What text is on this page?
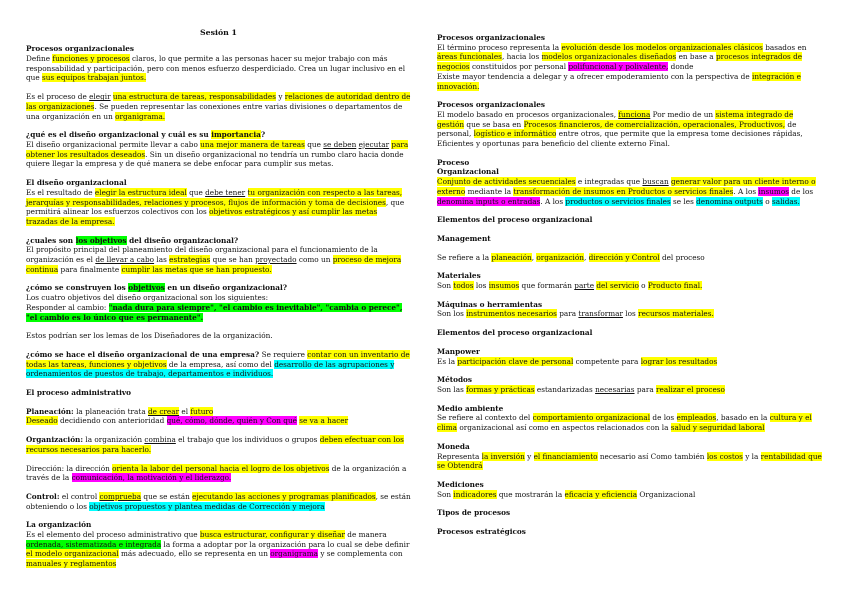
Sesión 1
Procesos organizacionales

Define funciones y procesos claros, lo que permite a las personas hacer su mejor trabajo con más responsabilidad y participación, pero con menos esfuerzo desperdiciado. Crea un lugar inclusivo en el que sus equipos trabajan juntos.

Es el proceso de elegir una estructura de tareas, responsabilidades y relaciones de autoridad dentro de las organizaciones. Se pueden representar las conexiones entre varias divisiones o departamentos de una organización en un organigrama.

¿qué es el diseño organizacional y cuál es su importancia?

El diseño organizacional permite llevar a cabo una mejor manera de tareas que se deben ejecutar para obtener los resultados deseados. Sin un diseño organizacional no tendría un rumbo claro hacia donde quiere llegar la empresa y de qué manera se debe enfocar para cumplir sus metas.

El diseño organizacional

Es el resultado de elegir la estructura ideal que debe tener tu organización con respecto a las tareas, jerarquías y responsabilidades, relaciones y procesos, flujos de información y toma de decisiones, que permitirá alinear los esfuerzos colectivos con los objetivos estratégicos y así cumplir las metas trazadas de la empresa.

¿cuales son los objetivos del diseño organizacional?

El propósito principal del planeamiento del diseño organizacional para el funcionamiento de la organización es el de llevar a cabo las estrategias que se han proyectado como un proceso de mejora continua para finalmente cumplir las metas que se han propuesto.

¿cómo se construyen los objetivos en un diseño organizacional?

Los cuatro objetivos del diseño organizacional son los siguientes:
Responder al cambio: "nada dura para siempre", "el cambio es inevitable", "cambia o perece", "el cambio es lo único que es permanente".

Estos podrían ser los lemas de los Diseñadores de la organización.

¿cómo se hace el diseño organizacional de una empresa? Se requiere contar con un inventario de todas las tareas, funciones y objetivos de la empresa, así como del desarrollo de las agrupaciones y ordenamientos de puestos de trabajo, departamentos e individuos.

El proceso administrativo

Planeación: la planeación trata de crear el futuro
Deseado decidiendo con anterioridad qué, cómo, dónde, quién y Con qué se va a hacer

Organización: la organización combina el trabajo que los individuos o grupos deben efectuar con los recursos necesarios para hacerlo.

Dirección: la dirección orienta la labor del personal hacia el logro de los objetivos de la organización a través de la comunicación, la motivación y el liderazgo.

Control: el control comprueba que se están ejecutando las acciones y programas planificados, se están obteniendo o los objetivos propuestos y plantea medidas de Corrección y mejora

La organización

Es el elemento del proceso administrativo que busca estructurar, configurar y diseñar de manera ordenada, sistematizada e integrada la forma a adoptar por la organización para lo cual se debe definir el modelo organizacional más adecuado, ello se representa en un organigrama y se complementa con manuales y reglamentos

Procesos organizacionales

El término proceso representa la evolución desde los modelos organizacionales clásicos basados en áreas funcionales, hacia los modelos organizacionales diseñados en base a procesos integrados de negocios constituidos por personal polifuncional y polivalente, donde
Existe mayor tendencia a delegar y a ofrecer empoderamiento con la perspectiva de integración e innovación.

Procesos organizacionales

El modelo basado en procesos organizacionales, funciona Por medio de un sistema integrado de gestión que se basa en Procesos financieros, de comercialización, operacionales, Productivos, de personal, logístico e informático entre otros, que permite que la empresa tome decisiones rápidas, Eficientes y oportunas para beneficio del cliente externo Final.

Proceso
Organizacional

Conjunto de actividades secuenciales e integradas que buscan generar valor para un cliente interno o externo mediante la transformación de insumos en Productos o servicios finales. A los insumos de los denomina inputs o entradas. A los productos o servicios finales se les denomina outputs o salidas.

Elementos del proceso organizacional
Management

Se refiere a la planeación, organización, dirección y Control del proceso

Materiales

Son todos los insumos que formarán parte del servicio o Producto final.

Máquinas o herramientas

Son los instrumentos necesarios para transformar los recursos materiales.

Elementos del proceso organizacional
Manpower

Es la participación clave de personal competente para lograr los resultados

Métodos

Son las formas y prácticas estandarizadas necesarias para realizar el proceso

Medio ambiente

Se refiere al contexto del comportamiento organizacional de los empleados, basado en la cultura y el clima organizacional así como en aspectos relacionados con la salud y seguridad laboral

Moneda

Representa la inversión y el financiamiento necesario así Como también los costos y la rentabilidad que se Obtendrá

Mediciones

Son indicadores que mostrarán la eficacia y eficiencia Organizacional

Tipos de procesos
Procesos estratégicos
